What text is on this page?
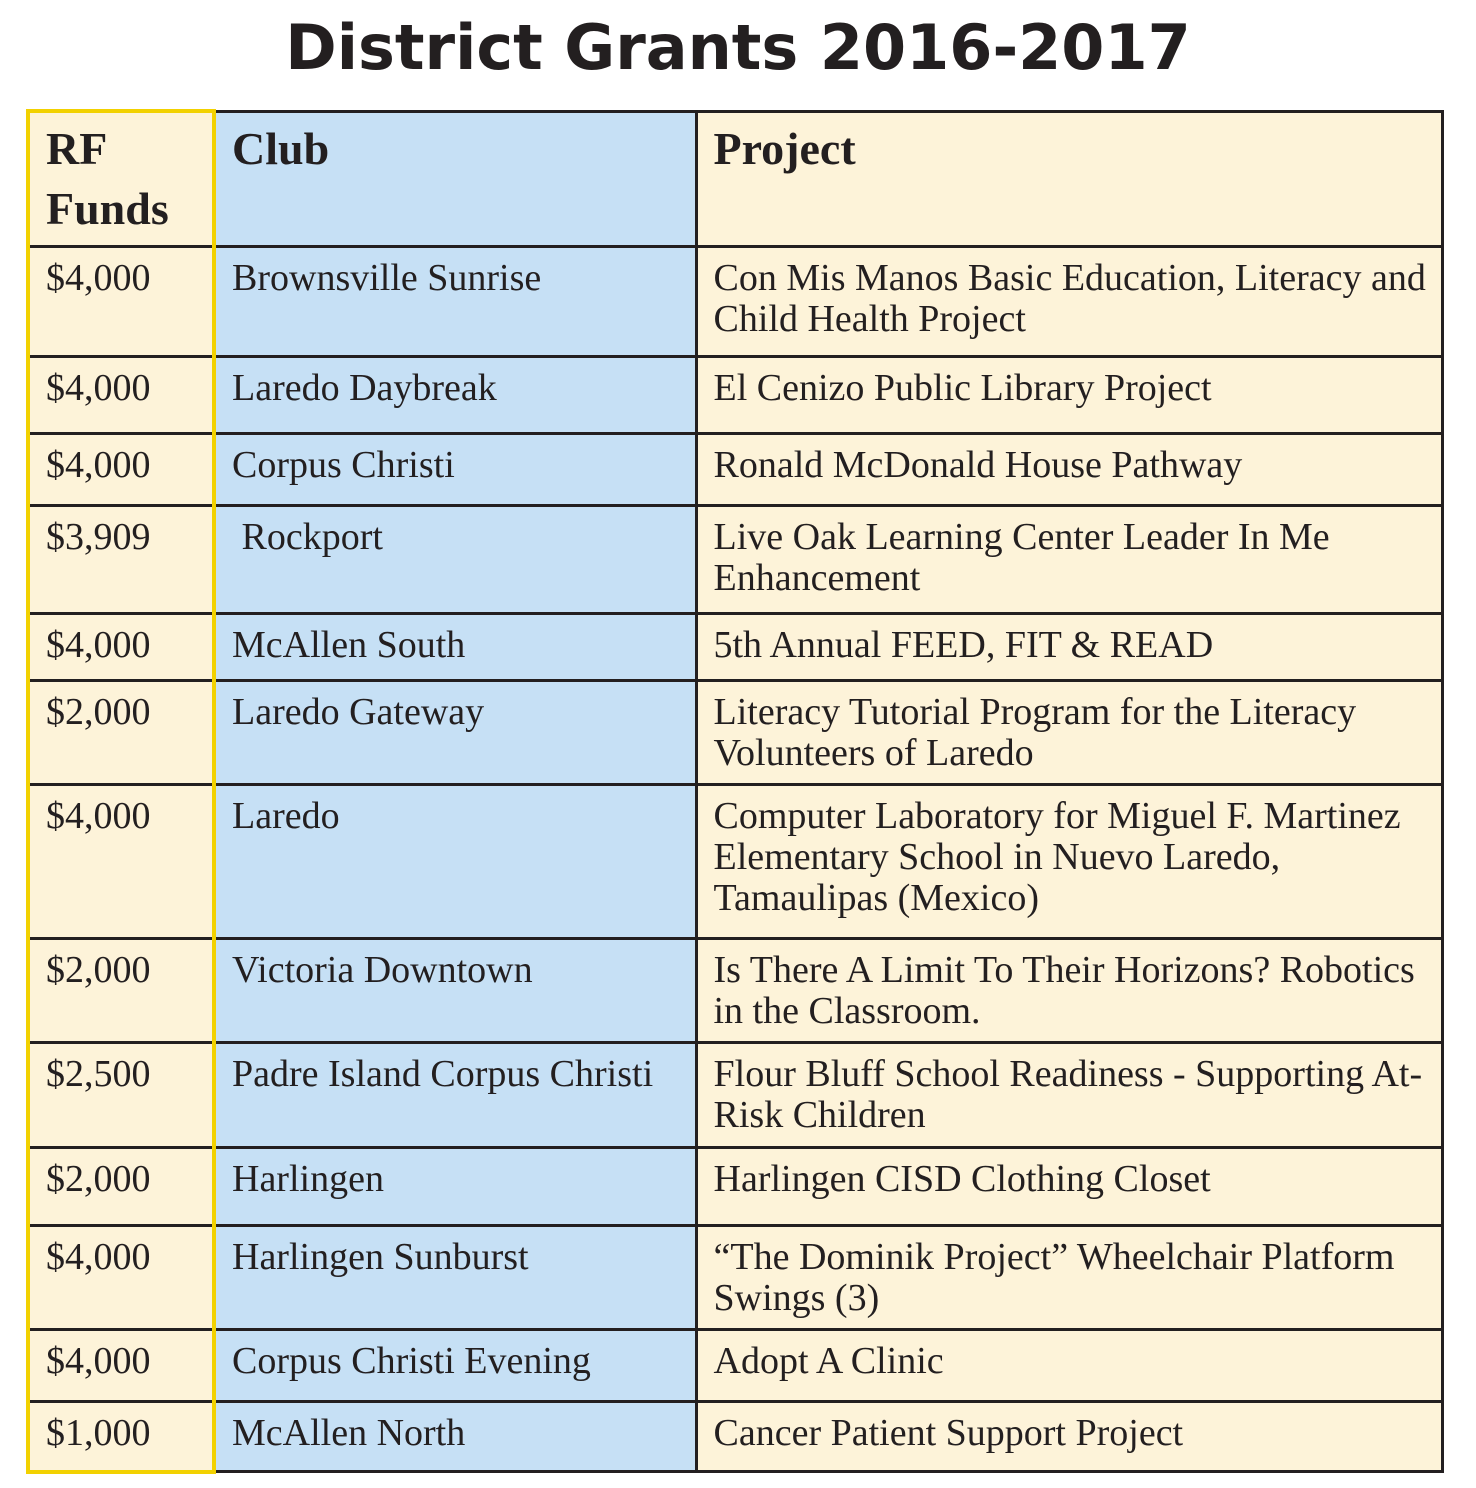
District Grants 2016-2017
RF Funds	Club	Project
$4,000	Brownsville Sunrise	Con Mis Manos Basic Education, Literacy and Child Health Project
$4,000	Laredo Daybreak	El Cenizo Public Library Project
$4,000	Corpus Christi	Ronald McDonald House Pathway
$3,909	Rockport	Live Oak Learning Center Leader In Me Enhancement
$4,000	McAllen South	5th Annual FEED, FIT & READ
$2,000	Laredo Gateway	Literacy Tutorial Program for the Literacy Volunteers of Laredo
$4,000	Laredo	Computer Laboratory for Miguel F. Martinez Elementary School in Nuevo Laredo, Tamaulipas (Mexico)
$2,000	Victoria Downtown	Is There A Limit To Their Horizons? Robotics in the Classroom.
$2,500	Padre Island Corpus Christi	Flour Bluff School Readiness - Supporting At-Risk Children
$2,000	Harlingen	Harlingen CISD Clothing Closet
$4,000	Harlingen Sunburst	“The Dominik Project” Wheelchair Platform Swings (3)
$4,000	Corpus Christi Evening	Adopt A Clinic
$1,000	McAllen North	Cancer Patient Support Project
